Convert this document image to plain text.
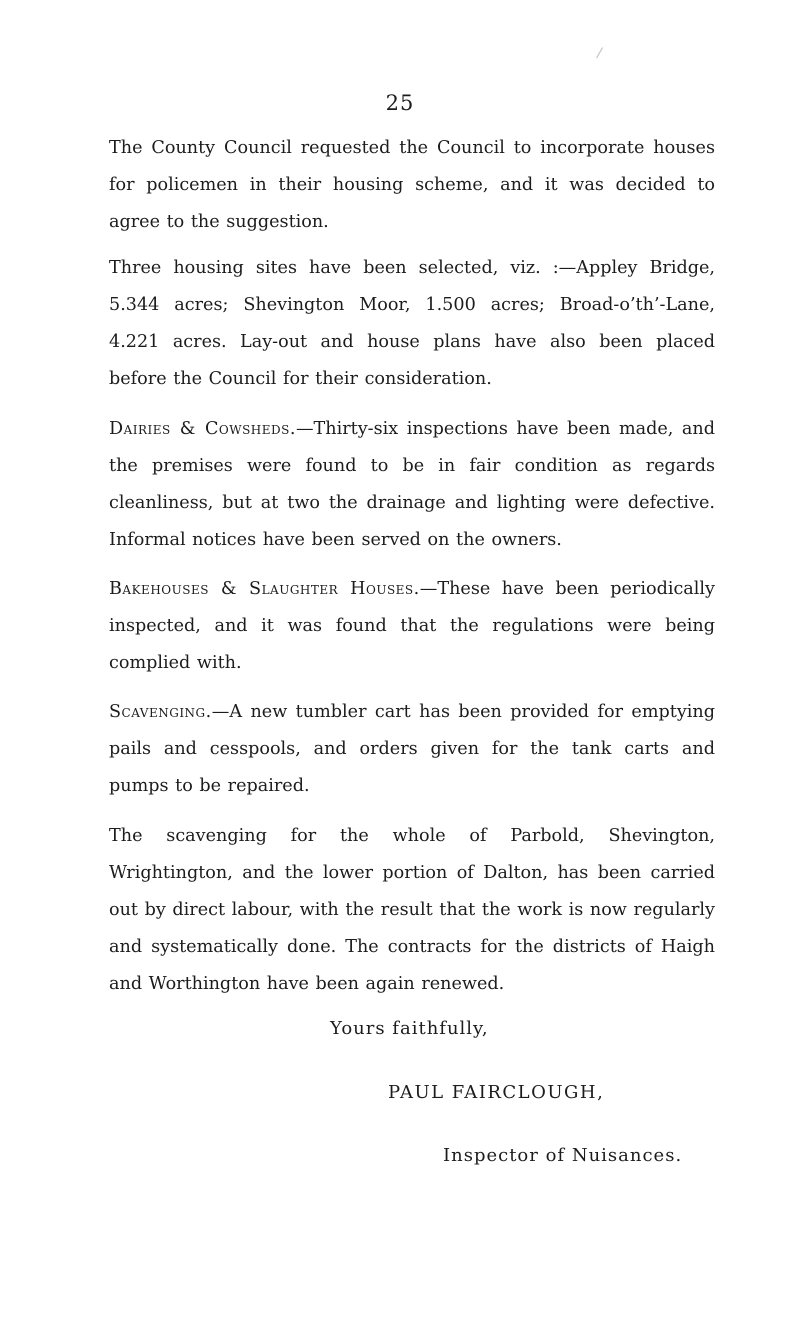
25

The County Council requested the Council to incorporate houses for policemen in their housing scheme, and it was decided to agree to the suggestion.

Three housing sites have been selected, viz. :—Appley Bridge, 5.344 acres; Shevington Moor, 1.500 acres; Broad-o’th’-Lane, 4.221 acres. Lay-out and house plans have also been placed before the Council for their consideration.

Dairies & Cowsheds.—Thirty-six inspections have been made, and the premises were found to be in fair condition as regards cleanliness, but at two the drainage and lighting were defective. Informal notices have been served on the owners.

Bakehouses & Slaughter Houses.—These have been periodically inspected, and it was found that the regulations were being complied with.

Scavenging.—A new tumbler cart has been provided for emptying pails and cesspools, and orders given for the tank carts and pumps to be repaired.

The scavenging for the whole of Parbold, Shevington, Wrightington, and the lower portion of Dalton, has been carried out by direct labour, with the result that the work is now regularly and systematically done. The contracts for the districts of Haigh and Worthington have been again renewed.

Yours faithfully,
PAUL FAIRCLOUGH,
Inspector of Nuisances.
